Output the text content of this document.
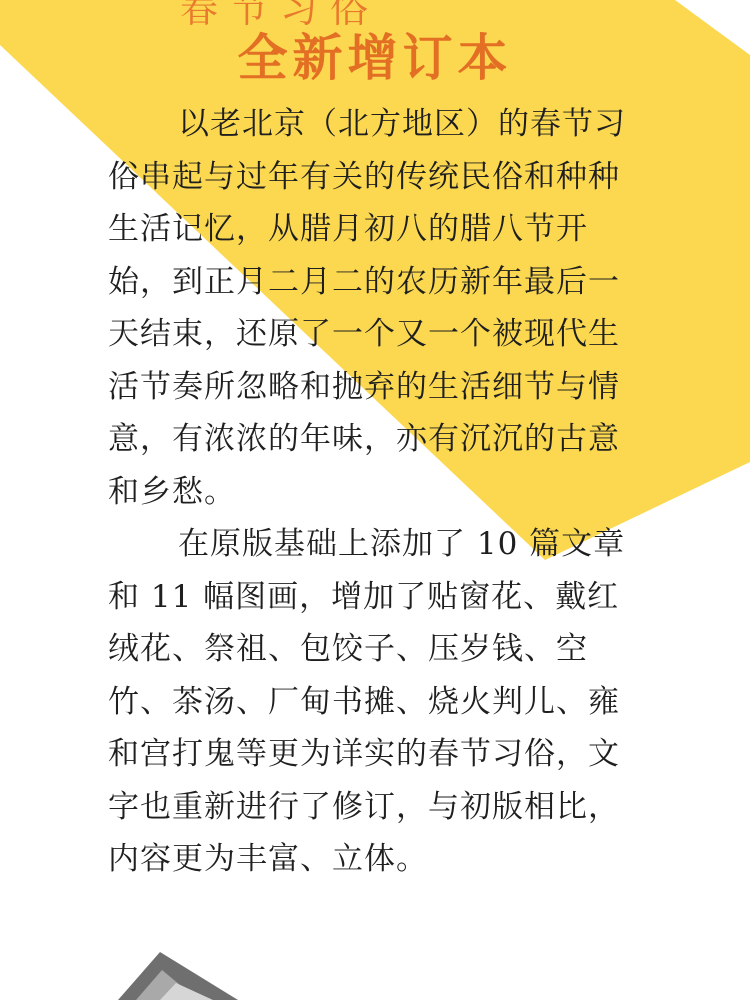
全新增订本

以老北京（北方地区）的春节习俗串起与过年有关的传统民俗和种种生活记忆，从腊月初八的腊八节开始，到正月二月二的农历新年最后一天结束，还原了一个又一个被现代生活节奏所忽略和抛弃的生活细节与情意，有浓浓的年味，亦有沉沉的古意和乡愁。

在原版基础上添加了 10 篇文章和 11 幅图画，增加了贴窗花、戴红绒花、祭祖、包饺子、压岁钱、空竹、茶汤、厂甸书摊、烧火判儿、雍和宫打鬼等更为详实的春节习俗，文字也重新进行了修订，与初版相比，内容更为丰富、立体。
